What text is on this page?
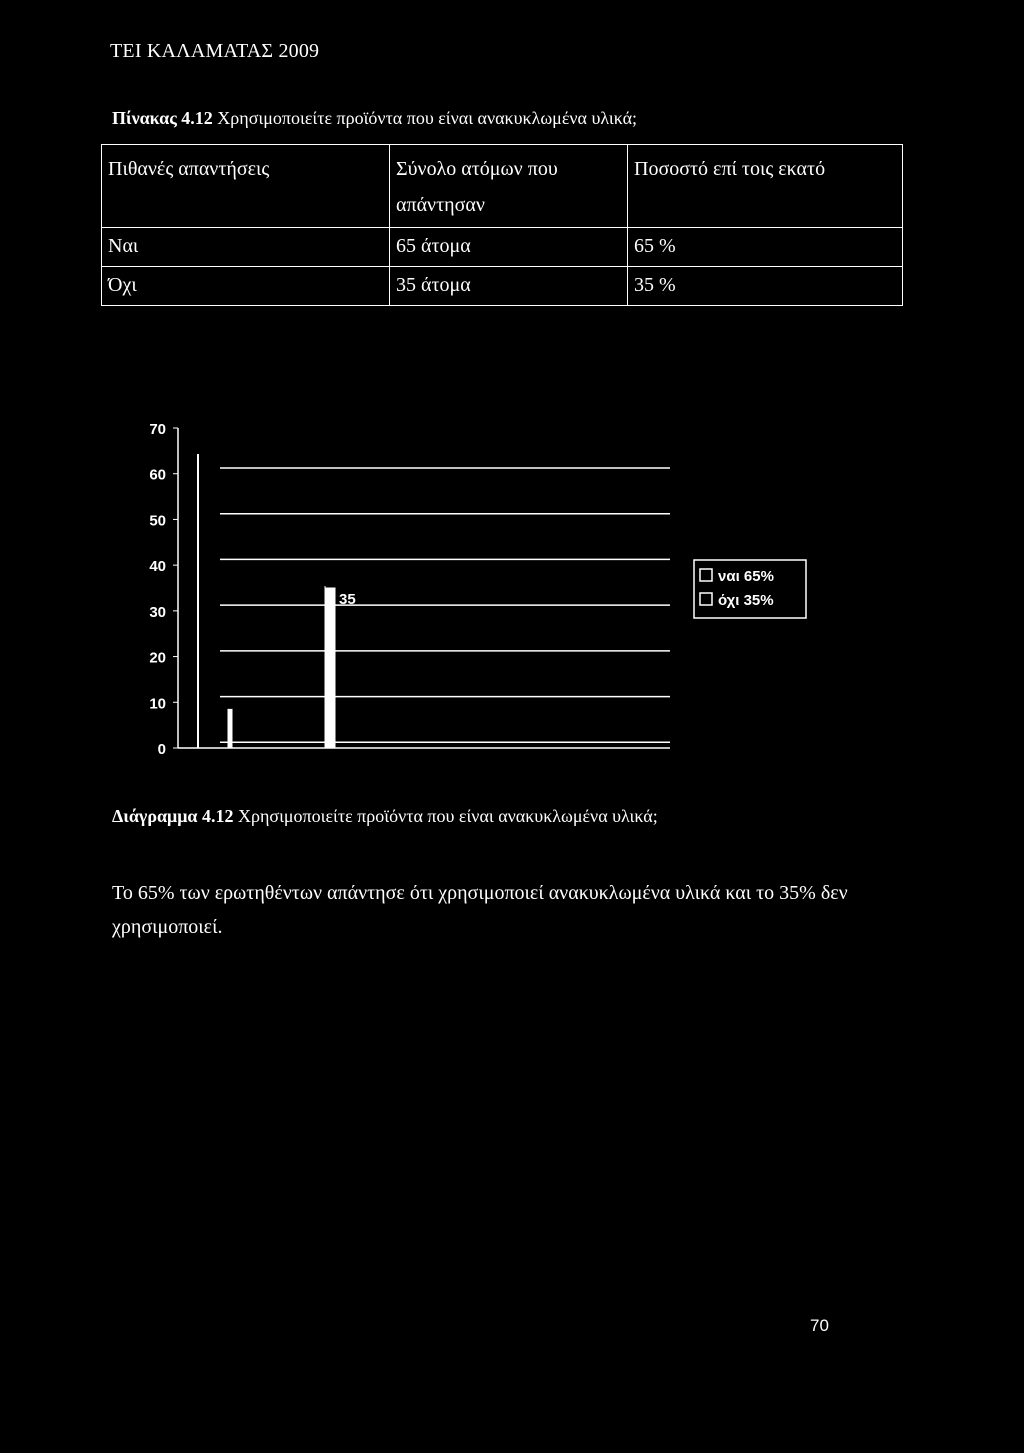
ΤΕΙ ΚΑΛΑΜΑΤΑΣ 2009
Πίνακας 4.12 Χρησιμοποιείτε προϊόντα που είναι ανακυκλωμένα υλικά;
Πιθανές απαντήσεις	Σύνολο ατόμων που απάντησαν	Ποσοστό επί τοις εκατό
Ναι	65 άτομα	65 %
Όχι	35 άτομα	35 %
0
10
20
30
40
50
60
70
35
ναι 65%
όχι 35%
Διάγραμμα 4.12 Χρησιμοποιείτε προϊόντα που είναι ανακυκλωμένα υλικά;
Το 65% των ερωτηθέντων απάντησε ότι χρησιμοποιεί ανακυκλωμένα υλικά και το 35% δεν χρησιμοποιεί.
70
